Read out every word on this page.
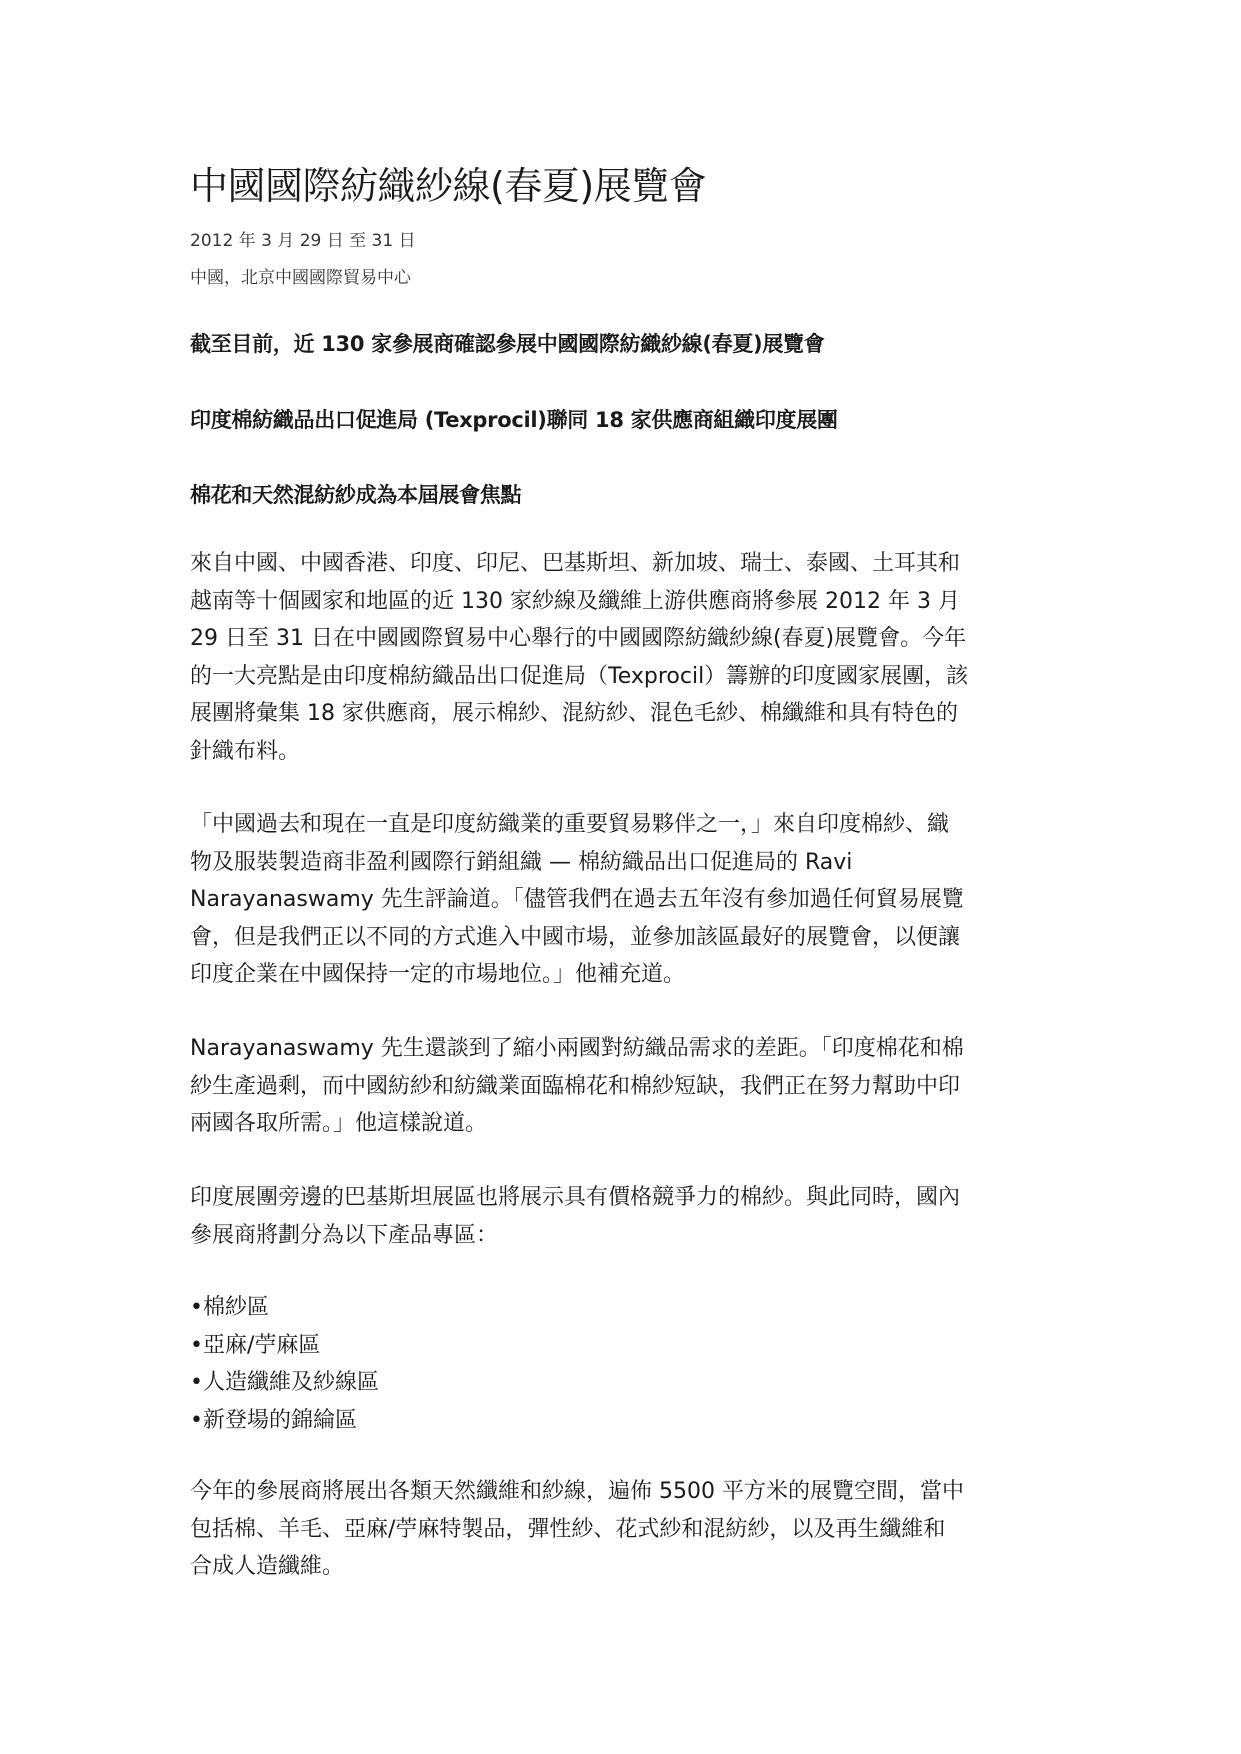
中國國際紡織紗線(春夏)展覽會
2012 年 3 月 29 日 至 31 日
中國，北京中國國際貿易中心
截至目前，近 130 家參展商確認參展中國國際紡織紗線(春夏)展覽會
印度棉紡織品出口促進局 (Texprocil)聯同 18 家供應商組織印度展團
棉花和天然混紡紗成為本屆展會焦點
來自中國、中國香港、印度、印尼、巴基斯坦、新加坡、瑞士、泰國、土耳其和
越南等十個國家和地區的近 130 家紗線及纖維上游供應商將參展 2012 年 3 月
29 日至 31 日在中國國際貿易中心舉行的中國國際紡織紗線(春夏)展覽會。今年
的一大亮點是由印度棉紡織品出口促進局（Texprocil）籌辦的印度國家展團，該
展團將彙集 18 家供應商，展示棉紗、混紡紗、混色毛紗、棉纖維和具有特色的
針織布料。
「中國過去和現在一直是印度紡織業的重要貿易夥伴之一，」來自印度棉紗、織
物及服裝製造商非盈利國際行銷組織 — 棉紡織品出口促進局的 Ravi
Narayanaswamy 先生評論道。「儘管我們在過去五年沒有參加過任何貿易展覽
會，但是我們正以不同的方式進入中國市場，並參加該區最好的展覽會，以便讓
印度企業在中國保持一定的市場地位。」他補充道。
Narayanaswamy 先生還談到了縮小兩國對紡織品需求的差距。「印度棉花和棉
紗生產過剩，而中國紡紗和紡織業面臨棉花和棉紗短缺，我們正在努力幫助中印
兩國各取所需。」他這樣說道。
印度展團旁邊的巴基斯坦展區也將展示具有價格競爭力的棉紗。與此同時，國內
參展商將劃分為以下產品專區：
•棉紗區
•亞麻/苧麻區
•人造纖維及紗線區
•新登場的錦綸區
今年的參展商將展出各類天然纖維和紗線，遍佈 5500 平方米的展覽空間，當中
包括棉、羊毛、亞麻/苧麻特製品，彈性紗、花式紗和混紡紗，以及再生纖維和
合成人造纖維。
